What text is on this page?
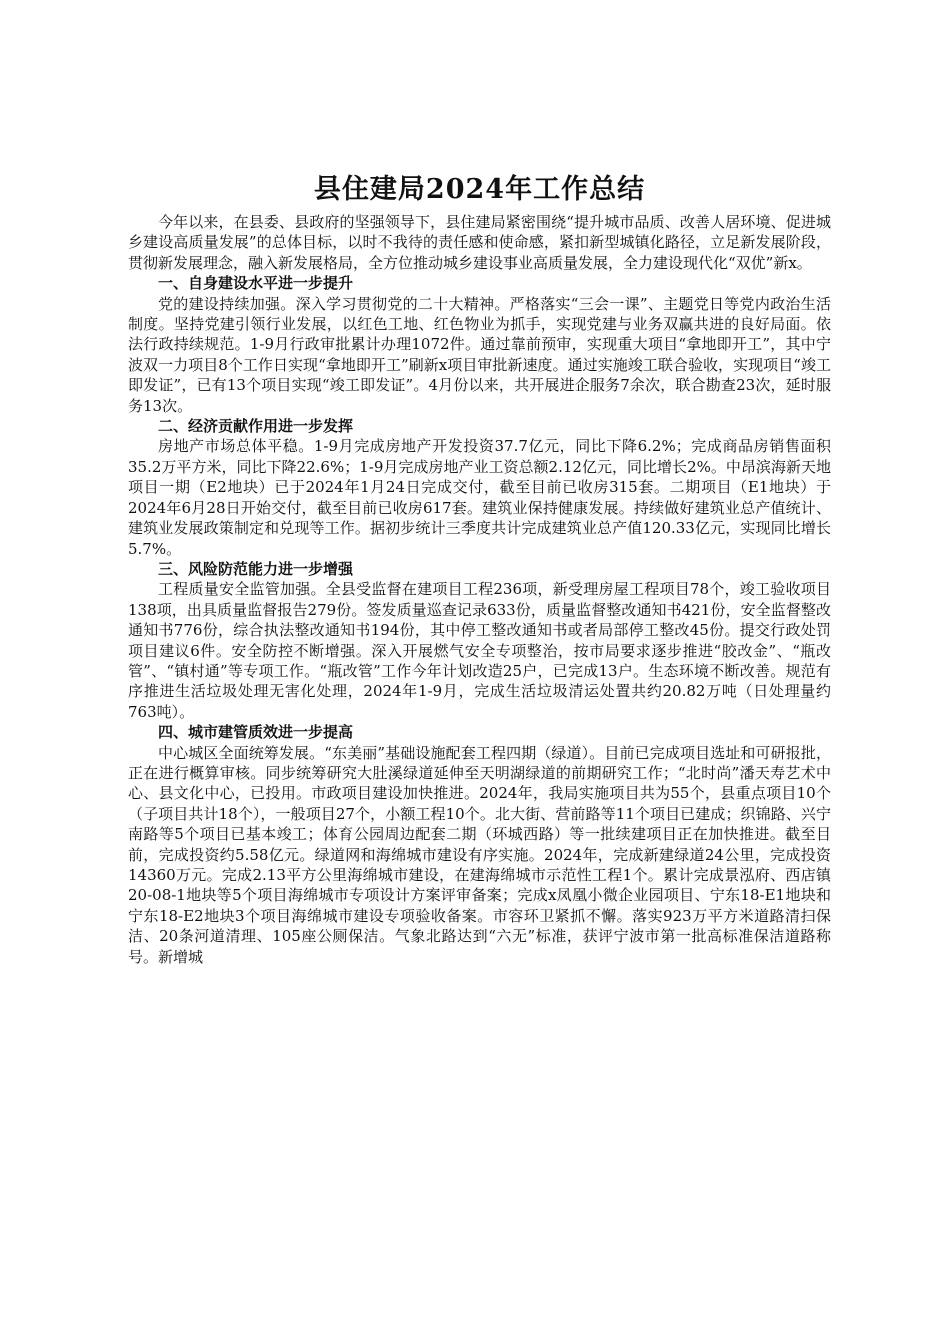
县住建局2024年工作总结

今年以来，在县委、县政府的坚强领导下，县住建局紧密围绕“提升城市品质、改善人居环境、促进城乡建设高质量发展”的总体目标，以时不我待的责任感和使命感，紧扣新型城镇化路径，立足新发展阶段，贯彻新发展理念，融入新发展格局，全方位推动城乡建设事业高质量发展，全力建设现代化“双优”新x。

一、自身建设水平进一步提升

党的建设持续加强。深入学习贯彻党的二十大精神。严格落实“三会一课”、主题党日等党内政治生活制度。坚持党建引领行业发展，以红色工地、红色物业为抓手，实现党建与业务双赢共进的良好局面。依法行政持续规范。1-9月行政审批累计办理1072件。通过靠前预审，实现重大项目“拿地即开工”，其中宁波双一力项目8个工作日实现“拿地即开工”刷新x项目审批新速度。通过实施竣工联合验收，实现项目“竣工即发证”，已有13个项目实现“竣工即发证”。4月份以来，共开展进企服务7余次，联合勘查23次，延时服务13次。

二、经济贡献作用进一步发挥

房地产市场总体平稳。1-9月完成房地产开发投资37.7亿元，同比下降6.2%；完成商品房销售面积35.2万平方米，同比下降22.6%；1-9月完成房地产业工资总额2.12亿元，同比增长2%。中昂滨海新天地项目一期（E2地块）已于2024年1月24日完成交付，截至目前已收房315套。二期项目（E1地块）于2024年6月28日开始交付，截至目前已收房617套。建筑业保持健康发展。持续做好建筑业总产值统计、建筑业发展政策制定和兑现等工作。据初步统计三季度共计完成建筑业总产值120.33亿元，实现同比增长5.7%。

三、风险防范能力进一步增强

工程质量安全监管加强。全县受监督在建项目工程236项，新受理房屋工程项目78个，竣工验收项目138项，出具质量监督报告279份。签发质量巡查记录633份，质量监督整改通知书421份，安全监督整改通知书776份，综合执法整改通知书194份，其中停工整改通知书或者局部停工整改45份。提交行政处罚项目建议6件。安全防控不断增强。深入开展燃气安全专项整治，按市局要求逐步推进“胶改金”、“瓶改管”、“镇村通”等专项工作。“瓶改管”工作今年计划改造25户，已完成13户。生态环境不断改善。规范有序推进生活垃圾处理无害化处理，2024年1-9月，完成生活垃圾清运处置共约20.82万吨（日处理量约763吨）。

四、城市建管质效进一步提高

中心城区全面统筹发展。“东美丽”基础设施配套工程四期（绿道）。目前已完成项目选址和可研报批，正在进行概算审核。同步统筹研究大肚溪绿道延伸至天明湖绿道的前期研究工作；“北时尚”潘天寿艺术中心、县文化中心，已投用。市政项目建设加快推进。2024年，我局实施项目共为55个，县重点项目10个（子项目共计18个），一般项目27个，小额工程10个。北大街、营前路等11个项目已建成；织锦路、兴宁南路等5个项目已基本竣工；体育公园周边配套二期（环城西路）等一批续建项目正在加快推进。截至目前，完成投资约5.58亿元。绿道网和海绵城市建设有序实施。2024年，完成新建绿道24公里，完成投资14360万元。完成2.13平方公里海绵城市建设，在建海绵城市示范性工程1个。累计完成景泓府、西店镇20-08-1地块等5个项目海绵城市专项设计方案评审备案；完成x凤凰小微企业园项目、宁东18-E1地块和宁东18-E2地块3个项目海绵城市建设专项验收备案。市容环卫紧抓不懈。落实923万平方米道路清扫保洁、20条河道清理、105座公厕保洁。气象北路达到“六无”标准，获评宁波市第一批高标准保洁道路称号。新增城
